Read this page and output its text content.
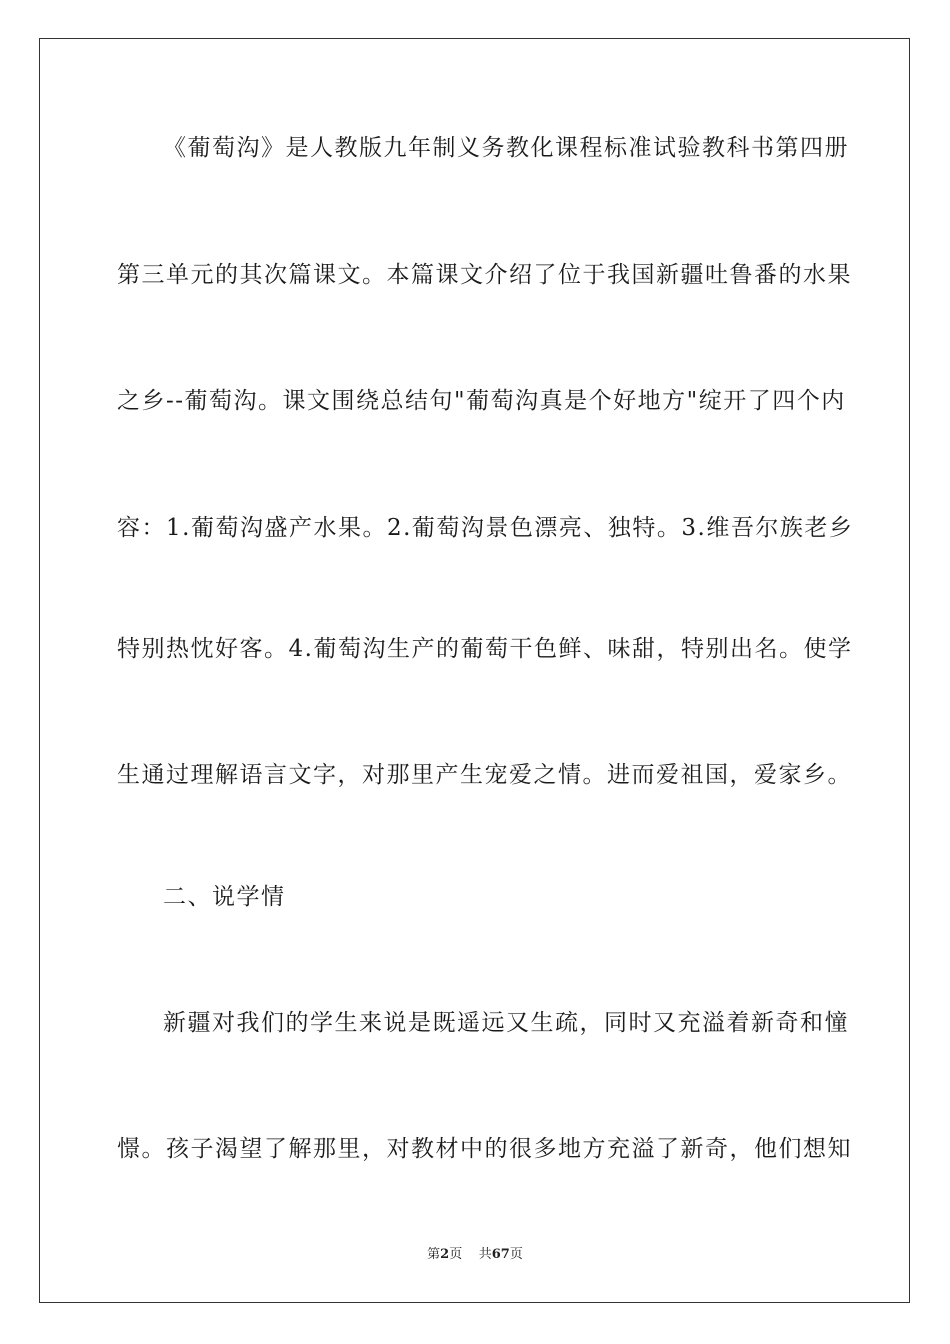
《葡萄沟》是人教版九年制义务教化课程标准试验教科书第四册
第三单元的其次篇课文。本篇课文介绍了位于我国新疆吐鲁番的水果
之乡--葡萄沟。课文围绕总结句"葡萄沟真是个好地方"绽开了四个内
容：1.葡萄沟盛产水果。2.葡萄沟景色漂亮、独特。3.维吾尔族老乡
特别热忱好客。4.葡萄沟生产的葡萄干色鲜、味甜，特别出名。使学
生通过理解语言文字，对那里产生宠爱之情。进而爱祖国，爱家乡。
二、说学情
新疆对我们的学生来说是既遥远又生疏，同时又充溢着新奇和憧
憬。孩子渴望了解那里，对教材中的很多地方充溢了新奇，他们想知
第2页 共67页
